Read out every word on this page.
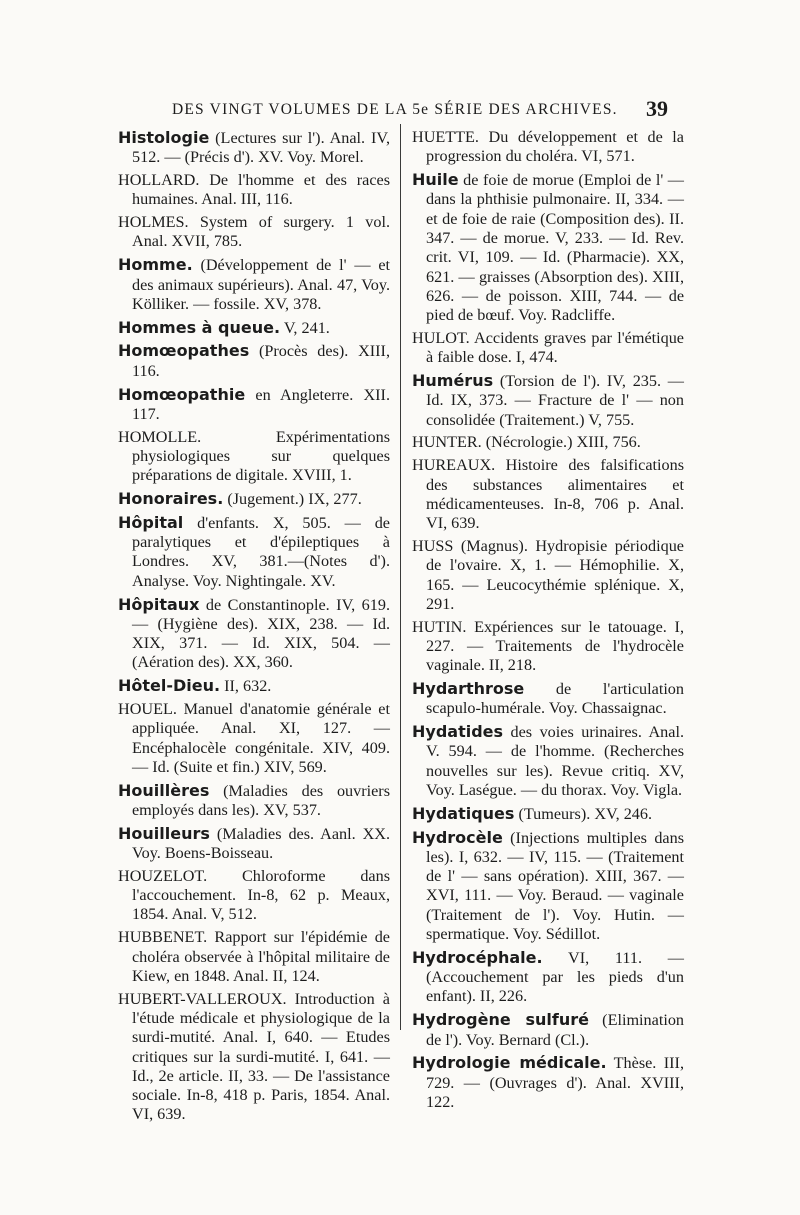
DES VINGT VOLUMES DE LA 5e SÉRIE DES ARCHIVES.	39
Histologie (Lectures sur l'). Anal. IV, 512. — (Précis d'). XV. Voy. Morel.
HOLLARD. De l'homme et des races humaines. Anal. III, 116.
HOLMES. System of surgery. 1 vol. Anal. XVII, 785.
Homme. (Développement de l' — et des animaux supérieurs). Anal. 47, Voy. Kölliker. — fossile. XV, 378.
Hommes à queue. V, 241.
Homœopathes (Procès des). XIII, 116.
Homœopathie en Angleterre. XII. 117.
HOMOLLE. Expérimentations physiologiques sur quelques préparations de digitale. XVIII, 1.
Honoraires. (Jugement.) IX, 277.
Hôpital d'enfants. X, 505. — de paralytiques et d'épileptiques à Londres. XV, 381.—(Notes d'). Analyse. Voy. Nightingale. XV.
Hôpitaux de Constantinople. IV, 619. — (Hygiène des). XIX, 238. — Id. XIX, 371. — Id. XIX, 504. — (Aération des). XX, 360.
Hôtel-Dieu. II, 632.
HOUEL. Manuel d'anatomie générale et appliquée. Anal. XI, 127. — Encéphalocèle congénitale. XIV, 409. — Id. (Suite et fin.) XIV, 569.
Houillères (Maladies des ouvriers employés dans les). XV, 537.
Houilleurs (Maladies des. Aanl. XX. Voy. Boens-Boisseau.
HOUZELOT. Chloroforme dans l'accouchement. In-8, 62 p. Meaux, 1854. Anal. V, 512.
HUBBENET. Rapport sur l'épidémie de choléra observée à l'hôpital militaire de Kiew, en 1848. Anal. II, 124.
HUBERT-VALLEROUX. Introduction à l'étude médicale et physiologique de la surdi-mutité. Anal. I, 640. — Etudes critiques sur la surdi-mutité. I, 641. — Id., 2e article. II, 33. — De l'assistance sociale. In-8, 418 p. Paris, 1854. Anal. VI, 639.
HUETTE. Du développement et de la progression du choléra. VI, 571.
Huile de foie de morue (Emploi de l' — dans la phthisie pulmonaire. II, 334. — et de foie de raie (Composition des). II. 347. — de morue. V, 233. — Id. Rev. crit. VI, 109. — Id. (Pharmacie). XX, 621. — graisses (Absorption des). XIII, 626. — de poisson. XIII, 744. — de pied de bœuf. Voy. Radcliffe.
HULOT. Accidents graves par l'émétique à faible dose. I, 474.
Humérus (Torsion de l'). IV, 235. — Id. IX, 373. — Fracture de l' — non consolidée (Traitement.) V, 755.
HUNTER. (Nécrologie.) XIII, 756.
HUREAUX. Histoire des falsifications des substances alimentaires et médicamenteuses. In-8, 706 p. Anal. VI, 639.
HUSS (Magnus). Hydropisie périodique de l'ovaire. X, 1. — Hémophilie. X, 165. — Leucocythémie splénique. X, 291.
HUTIN. Expériences sur le tatouage. I, 227. — Traitements de l'hydrocèle vaginale. II, 218.
Hydarthrose de l'articulation scapulo-humérale. Voy. Chassaignac.
Hydatides des voies urinaires. Anal. V. 594. — de l'homme. (Recherches nouvelles sur les). Revue critiq. XV, Voy. Laségue. — du thorax. Voy. Vigla.
Hydatiques (Tumeurs). XV, 246.
Hydrocèle (Injections multiples dans les). I, 632. — IV, 115. — (Traitement de l' — sans opération). XIII, 367. — XVI, 111. — Voy. Beraud. — vaginale (Traitement de l'). Voy. Hutin. — spermatique. Voy. Sédillot.
Hydrocéphale. VI, 111. — (Accouchement par les pieds d'un enfant). II, 226.
Hydrogène sulfuré (Elimination de l'). Voy. Bernard (Cl.).
Hydrologie médicale. Thèse. III, 729. — (Ouvrages d'). Anal. XVIII, 122.
